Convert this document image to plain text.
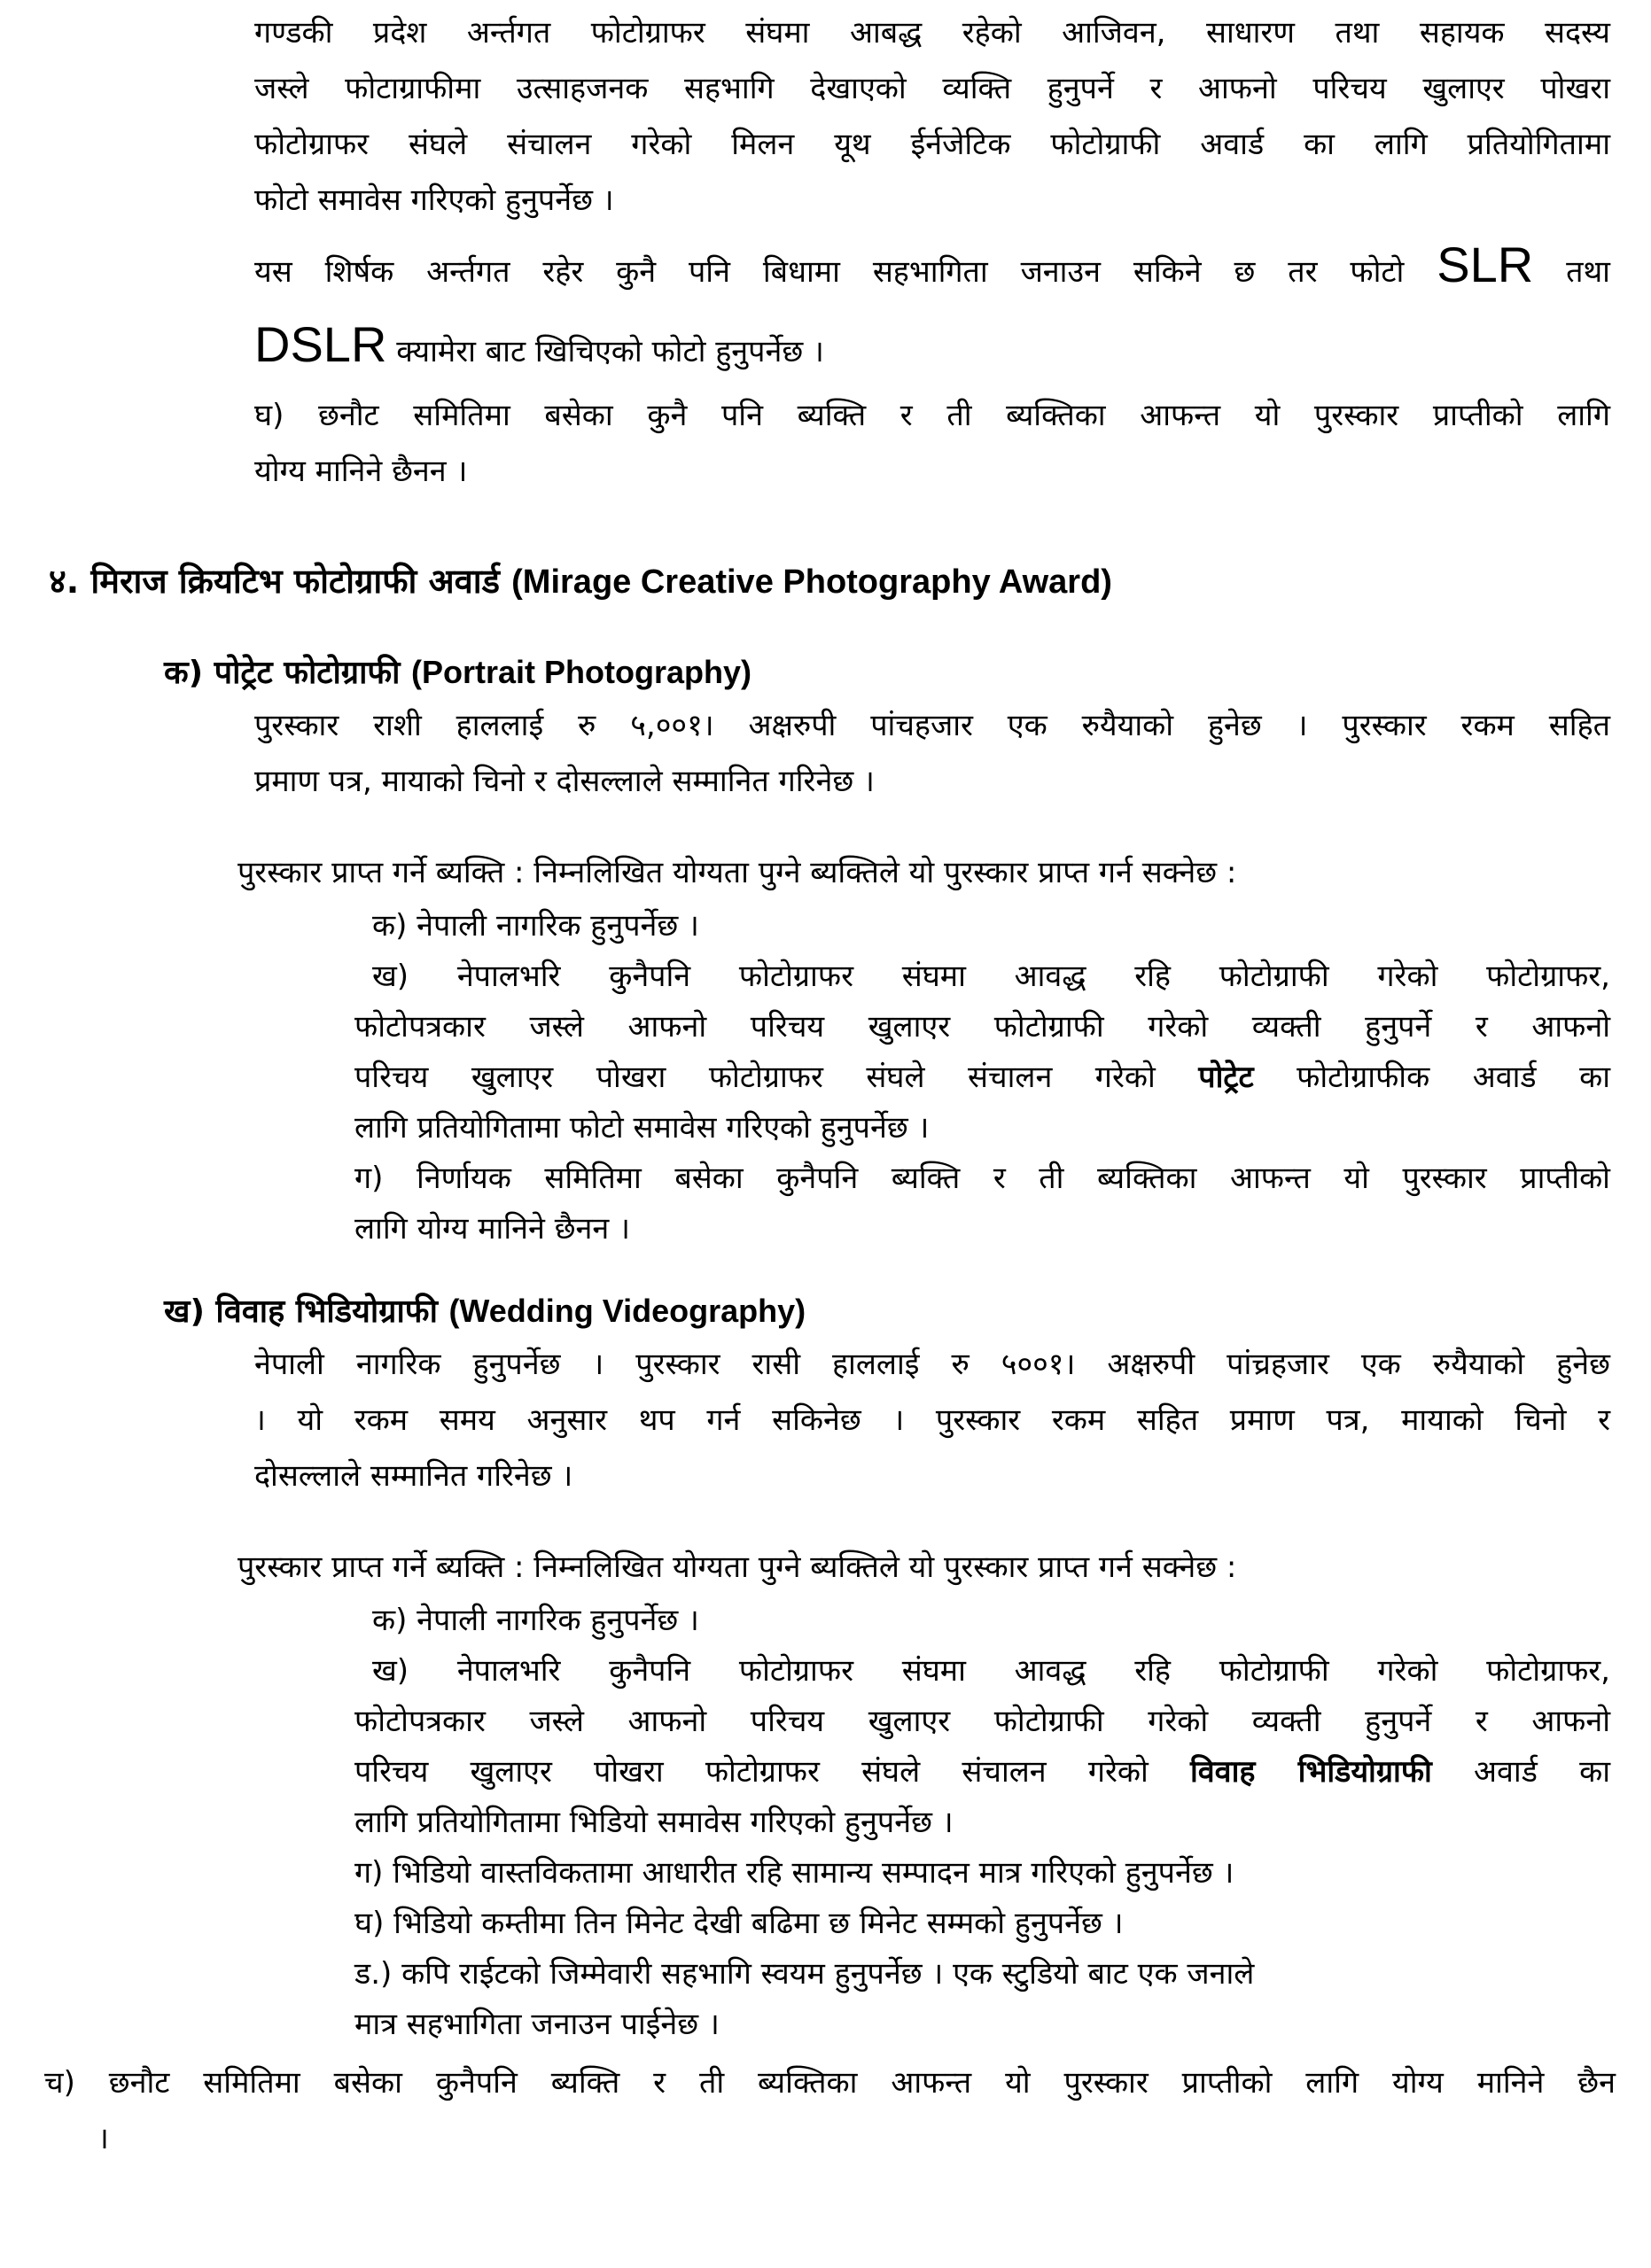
गण्डकी प्रदेश अर्न्तगत फोटोग्राफर संघमा आबद्ध रहेको आजिवन, साधारण तथा सहायक सदस्य
जस्ले फोटाग्राफीमा उत्साहजनक सहभागि देखाएको व्यक्ति हुनुपर्ने र आफनो परिचय खुलाएर पोखरा
फोटोग्राफर संघले संचालन गरेको मिलन यूथ ईर्नजेटिक फोटोग्राफी अवार्ड का लागि प्रतियोगितामा
फोटो समावेस गरिएको हुनुपर्नेछ ।
यस शिर्षक अर्न्तगत रहेर कुनै पनि बिधामा सहभागिता जनाउन सकिने छ तर फोटो SLR तथा
DSLR क्यामेरा बाट खिचिएको फोटो हुनुपर्नेछ ।
घ) छनौट समितिमा बसेका कुनै पनि ब्यक्ति र ती ब्यक्तिका आफन्त यो पुरस्कार प्राप्तीको लागि
योग्य मानिने छैनन ।
४. मिराज क्रियटिभ फोटोग्राफी अवार्ड (Mirage Creative Photography Award)
क) पोट्रेट फोटोग्राफी (Portrait Photography)
पुरस्कार राशी हाललाई रु ५,००१। अक्षरुपी पांचहजार एक रुयैयाको हुनेछ । पुरस्कार रकम सहित
प्रमाण पत्र, मायाको चिनो र दोसल्लाले सम्मानित गरिनेछ ।
पुरस्कार प्राप्त गर्ने ब्यक्ति : निम्नलिखित योग्यता पुग्ने ब्यक्तिले यो पुरस्कार प्राप्त गर्न सक्नेछ :
क) नेपाली नागरिक हुनुपर्नेछ ।
ख) नेपालभरि कुनैपनि फोटोग्राफर संघमा आवद्ध रहि फोटोग्राफी गरेको फोटोग्राफर,
फोटोपत्रकार जस्ले आफनो परिचय खुलाएर फोटोग्राफी गरेको व्यक्ती हुनुपर्ने र आफनो
परिचय खुलाएर पोखरा फोटोग्राफर संघले संचालन गरेको पोट्रेट फोटोग्राफीक अवार्ड का
लागि प्रतियोगितामा फोटो समावेस गरिएको हुनुपर्नेछ ।
ग) निर्णायक समितिमा बसेका कुनैपनि ब्यक्ति र ती ब्यक्तिका आफन्त यो पुरस्कार प्राप्तीको
लागि योग्य मानिने छैनन ।
ख) विवाह भिडियोग्राफी (Wedding Videography)
नेपाली नागरिक हुनुपर्नेछ । पुरस्कार रासी हाललाई रु ५००१। अक्षरुपी पांच्रहजार एक रुयैयाको हुनेछ
। यो रकम समय अनुसार थप गर्न सकिनेछ । पुरस्कार रकम सहित प्रमाण पत्र, मायाको चिनो र
दोसल्लाले सम्मानित गरिनेछ ।
पुरस्कार प्राप्त गर्ने ब्यक्ति : निम्नलिखित योग्यता पुग्ने ब्यक्तिले यो पुरस्कार प्राप्त गर्न सक्नेछ :
क) नेपाली नागरिक हुनुपर्नेछ ।
ख) नेपालभरि कुनैपनि फोटोग्राफर संघमा आवद्ध रहि फोटोग्राफी गरेको फोटोग्राफर,
फोटोपत्रकार जस्ले आफनो परिचय खुलाएर फोटोग्राफी गरेको व्यक्ती हुनुपर्ने र आफनो
परिचय खुलाएर पोखरा फोटोग्राफर संघले संचालन गरेको विवाह भिडियोग्राफी अवार्ड का
लागि प्रतियोगितामा भिडियो समावेस गरिएको हुनुपर्नेछ ।
ग) भिडियो वास्तविकतामा आधारीत रहि सामान्य सम्पादन मात्र गरिएको हुनुपर्नेछ ।
घ) भिडियो कम्तीमा तिन मिनेट देखी बढिमा छ मिनेट सम्मको हुनुपर्नेछ ।
ड.) कपि राईटको जिम्मेवारी सहभागि स्वयम हुनुपर्नेछ । एक स्टुडियो बाट एक जनाले
मात्र सहभागिता जनाउन पाईनेछ ।
च) छनौट समितिमा बसेका कुनैपनि ब्यक्ति र ती ब्यक्तिका आफन्त यो पुरस्कार प्राप्तीको लागि योग्य मानिने छैन
।
